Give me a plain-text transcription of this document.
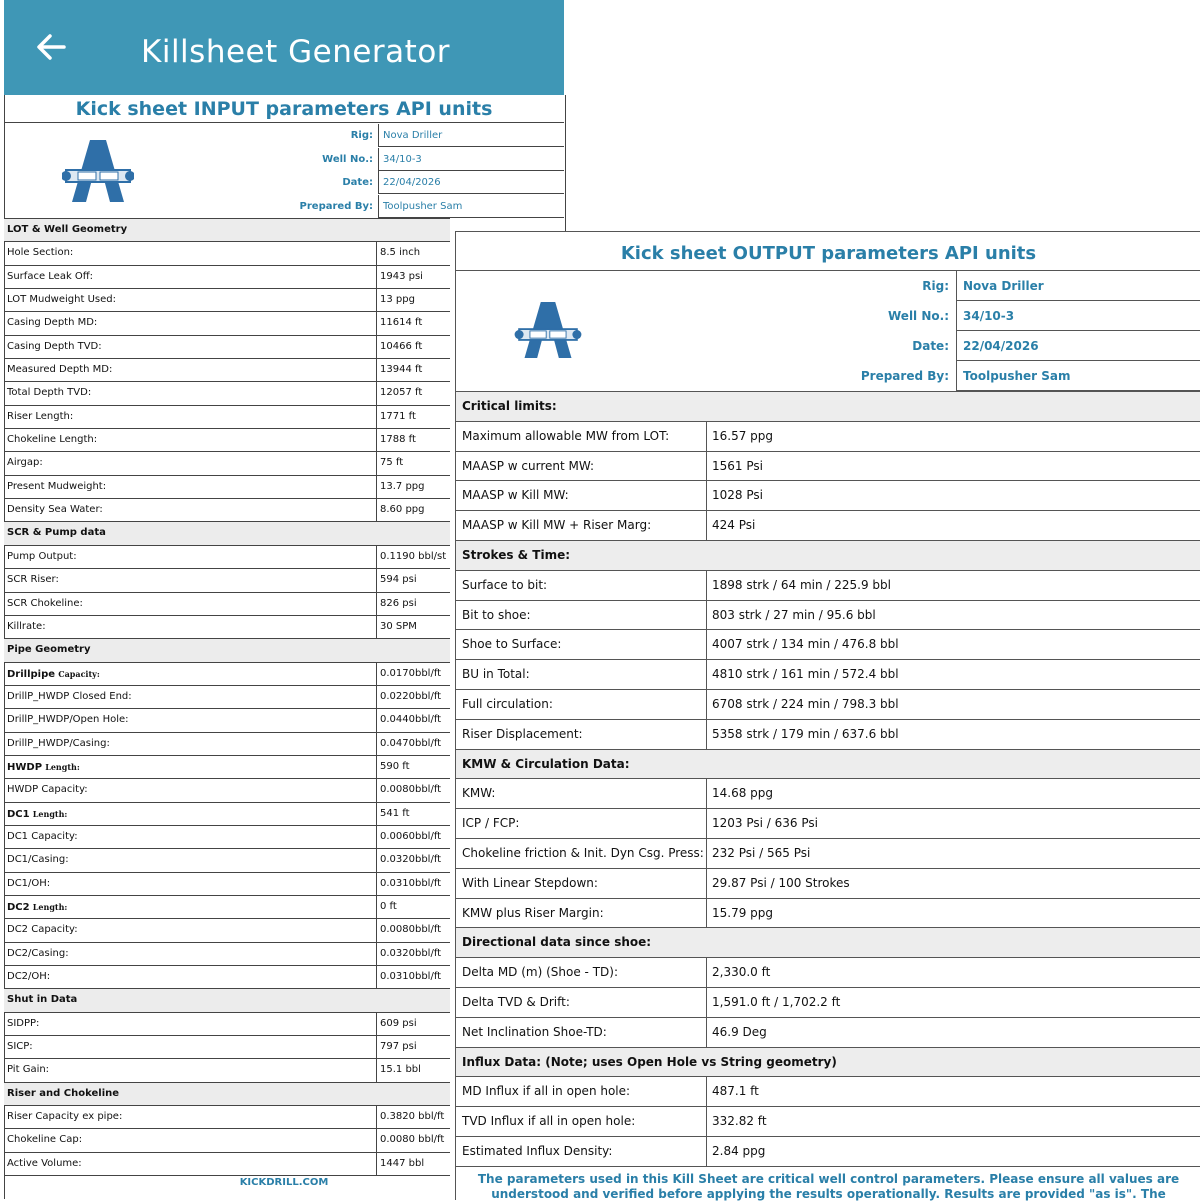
Killsheet Generator
Kick sheet INPUT parameters API units
Rig:	Nova Driller
Well No.:	34/10-3
Date:	22/04/2026
Prepared By:	Toolpusher Sam
LOT & Well Geometry
Hole Section:	8.5 inch
Surface Leak Off:	1943 psi
LOT Mudweight Used:	13 ppg
Casing Depth MD:	11614 ft
Casing Depth TVD:	10466 ft
Measured Depth MD:	13944 ft
Total Depth TVD:	12057 ft
Riser Length:	1771 ft
Chokeline Length:	1788 ft
Airgap:	75 ft
Present Mudweight:	13.7 ppg
Density Sea Water:	8.60 ppg
SCR & Pump data
Pump Output:	0.1190 bbl/st
SCR Riser:	594 psi
SCR Chokeline:	826 psi
Killrate:	30 SPM
Pipe Geometry
Drillpipe Capacity:	0.0170bbl/ft
DrillP_HWDP Closed End:	0.0220bbl/ft
DrillP_HWDP/Open Hole:	0.0440bbl/ft
DrillP_HWDP/Casing:	0.0470bbl/ft
HWDP Length:	590 ft
HWDP Capacity:	0.0080bbl/ft
DC1 Length:	541 ft
DC1 Capacity:	0.0060bbl/ft
DC1/Casing:	0.0320bbl/ft
DC1/OH:	0.0310bbl/ft
DC2 Length:	0 ft
DC2 Capacity:	0.0080bbl/ft
DC2/Casing:	0.0320bbl/ft
DC2/OH:	0.0310bbl/ft
Shut in Data
SIDPP:	609 psi
SICP:	797 psi
Pit Gain:	15.1 bbl
Riser and Chokeline
Riser Capacity ex pipe:	0.3820 bbl/ft
Chokeline Cap:	0.0080 bbl/ft
Active Volume:	1447 bbl
KICKDRILL.COM
Kick sheet OUTPUT parameters API units
Rig:	Nova Driller
Well No.:	34/10-3
Date:	22/04/2026
Prepared By:	Toolpusher Sam
Critical limits:
Maximum allowable MW from LOT:	16.57 ppg
MAASP w current MW:	1561 Psi
MAASP w Kill MW:	1028 Psi
MAASP w Kill MW + Riser Marg:	424 Psi
Strokes & Time:
Surface to bit:	1898 strk / 64 min / 225.9 bbl
Bit to shoe:	803 strk / 27 min / 95.6 bbl
Shoe to Surface:	4007 strk / 134 min / 476.8 bbl
BU in Total:	4810 strk / 161 min / 572.4 bbl
Full circulation:	6708 strk / 224 min / 798.3 bbl
Riser Displacement:	5358 strk / 179 min / 637.6 bbl
KMW & Circulation Data:
KMW:	14.68 ppg
ICP / FCP:	1203 Psi / 636 Psi
Chokeline friction & Init. Dyn Csg. Press: 232 Psi / 565 Psi
With Linear Stepdown:	29.87 Psi / 100 Strokes
KMW plus Riser Margin:	15.79 ppg
Directional data since shoe:
Delta MD (m) (Shoe - TD):	2,330.0 ft
Delta TVD & Drift:	1,591.0 ft / 1,702.2 ft
Net Inclination Shoe-TD:	46.9 Deg
Influx Data: (Note; uses Open Hole vs String geometry)
MD Influx if all in open hole:	487.1 ft
TVD Influx if all in open hole:	332.82 ft
Estimated Influx Density:	2.84 ppg
The parameters used in this Kill Sheet are critical well control parameters. Please ensure all values are understood and verified before applying the results operationally. Results are provided "as is". The
